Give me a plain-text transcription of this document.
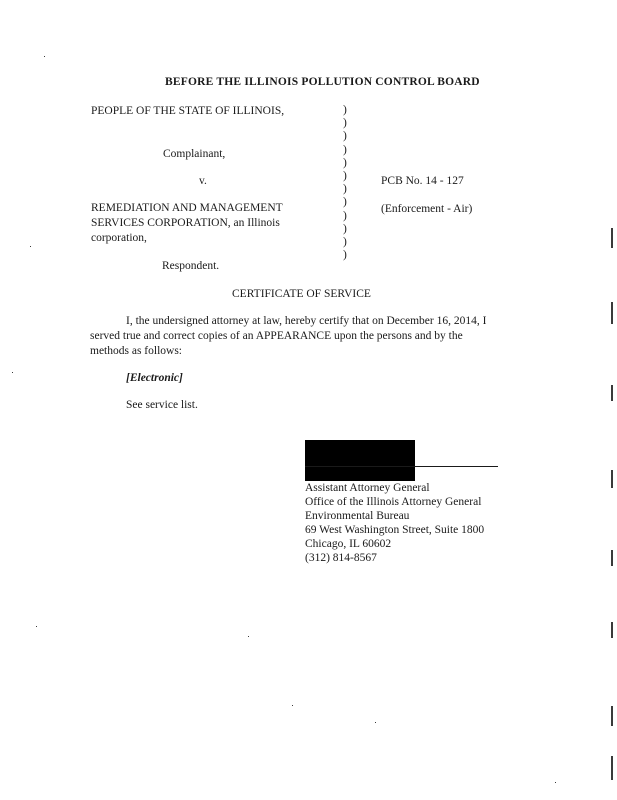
BEFORE THE ILLINOIS POLLUTION CONTROL BOARD
PEOPLE OF THE STATE OF ILLINOIS,
Complainant,
v.
REMEDIATION AND MANAGEMENT
SERVICES CORPORATION, an Illinois
corporation,
Respondent.
)
)
)
)
)
)
)
)
)
)
)
)
PCB No. 14 - 127
(Enforcement - Air)
CERTIFICATE OF SERVICE
I, the undersigned attorney at law, hereby certify that on December 16, 2014, I
served true and correct copies of an APPEARANCE upon the persons and by the
methods as follows:
[Electronic]
See service list.
Assistant Attorney General
Office of the Illinois Attorney General
Environmental Bureau
69 West Washington Street, Suite 1800
Chicago, IL 60602
(312) 814-8567
